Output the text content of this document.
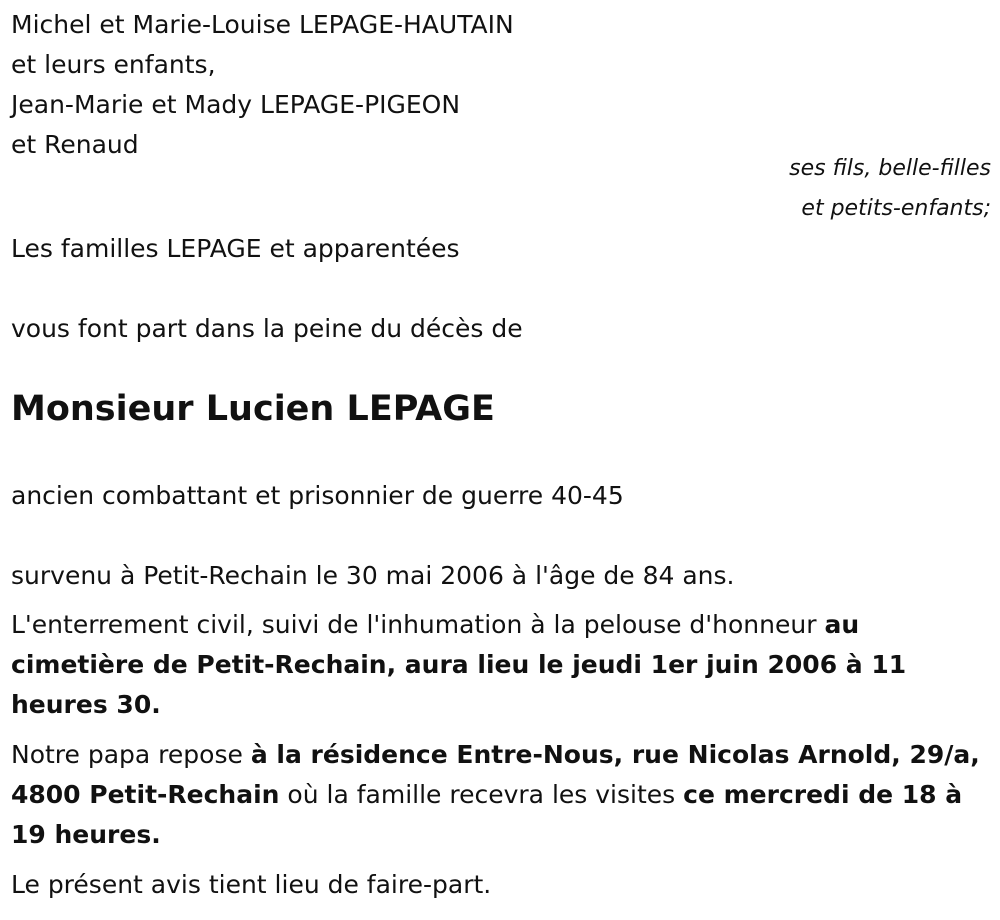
Michel et Marie-Louise LEPAGE-HAUTAIN
et leurs enfants,
Jean-Marie et Mady LEPAGE-PIGEON
et Renaud
ses fils, belle-filles
et petits-enfants;
Les familles LEPAGE et apparentées
vous font part dans la peine du décès de
Monsieur Lucien LEPAGE
ancien combattant et prisonnier de guerre 40-45
survenu à Petit-Rechain le 30 mai 2006 à l'âge de 84 ans.
L'enterrement civil, suivi de l'inhumation à la pelouse d'honneur au cimetière de Petit-Rechain, aura lieu le jeudi 1er juin 2006 à 11 heures 30.
Notre papa repose à la résidence Entre-Nous, rue Nicolas Arnold, 29/a, 4800 Petit-Rechain où la famille recevra les visites ce mercredi de 18 à 19 heures.
Le présent avis tient lieu de faire-part.
